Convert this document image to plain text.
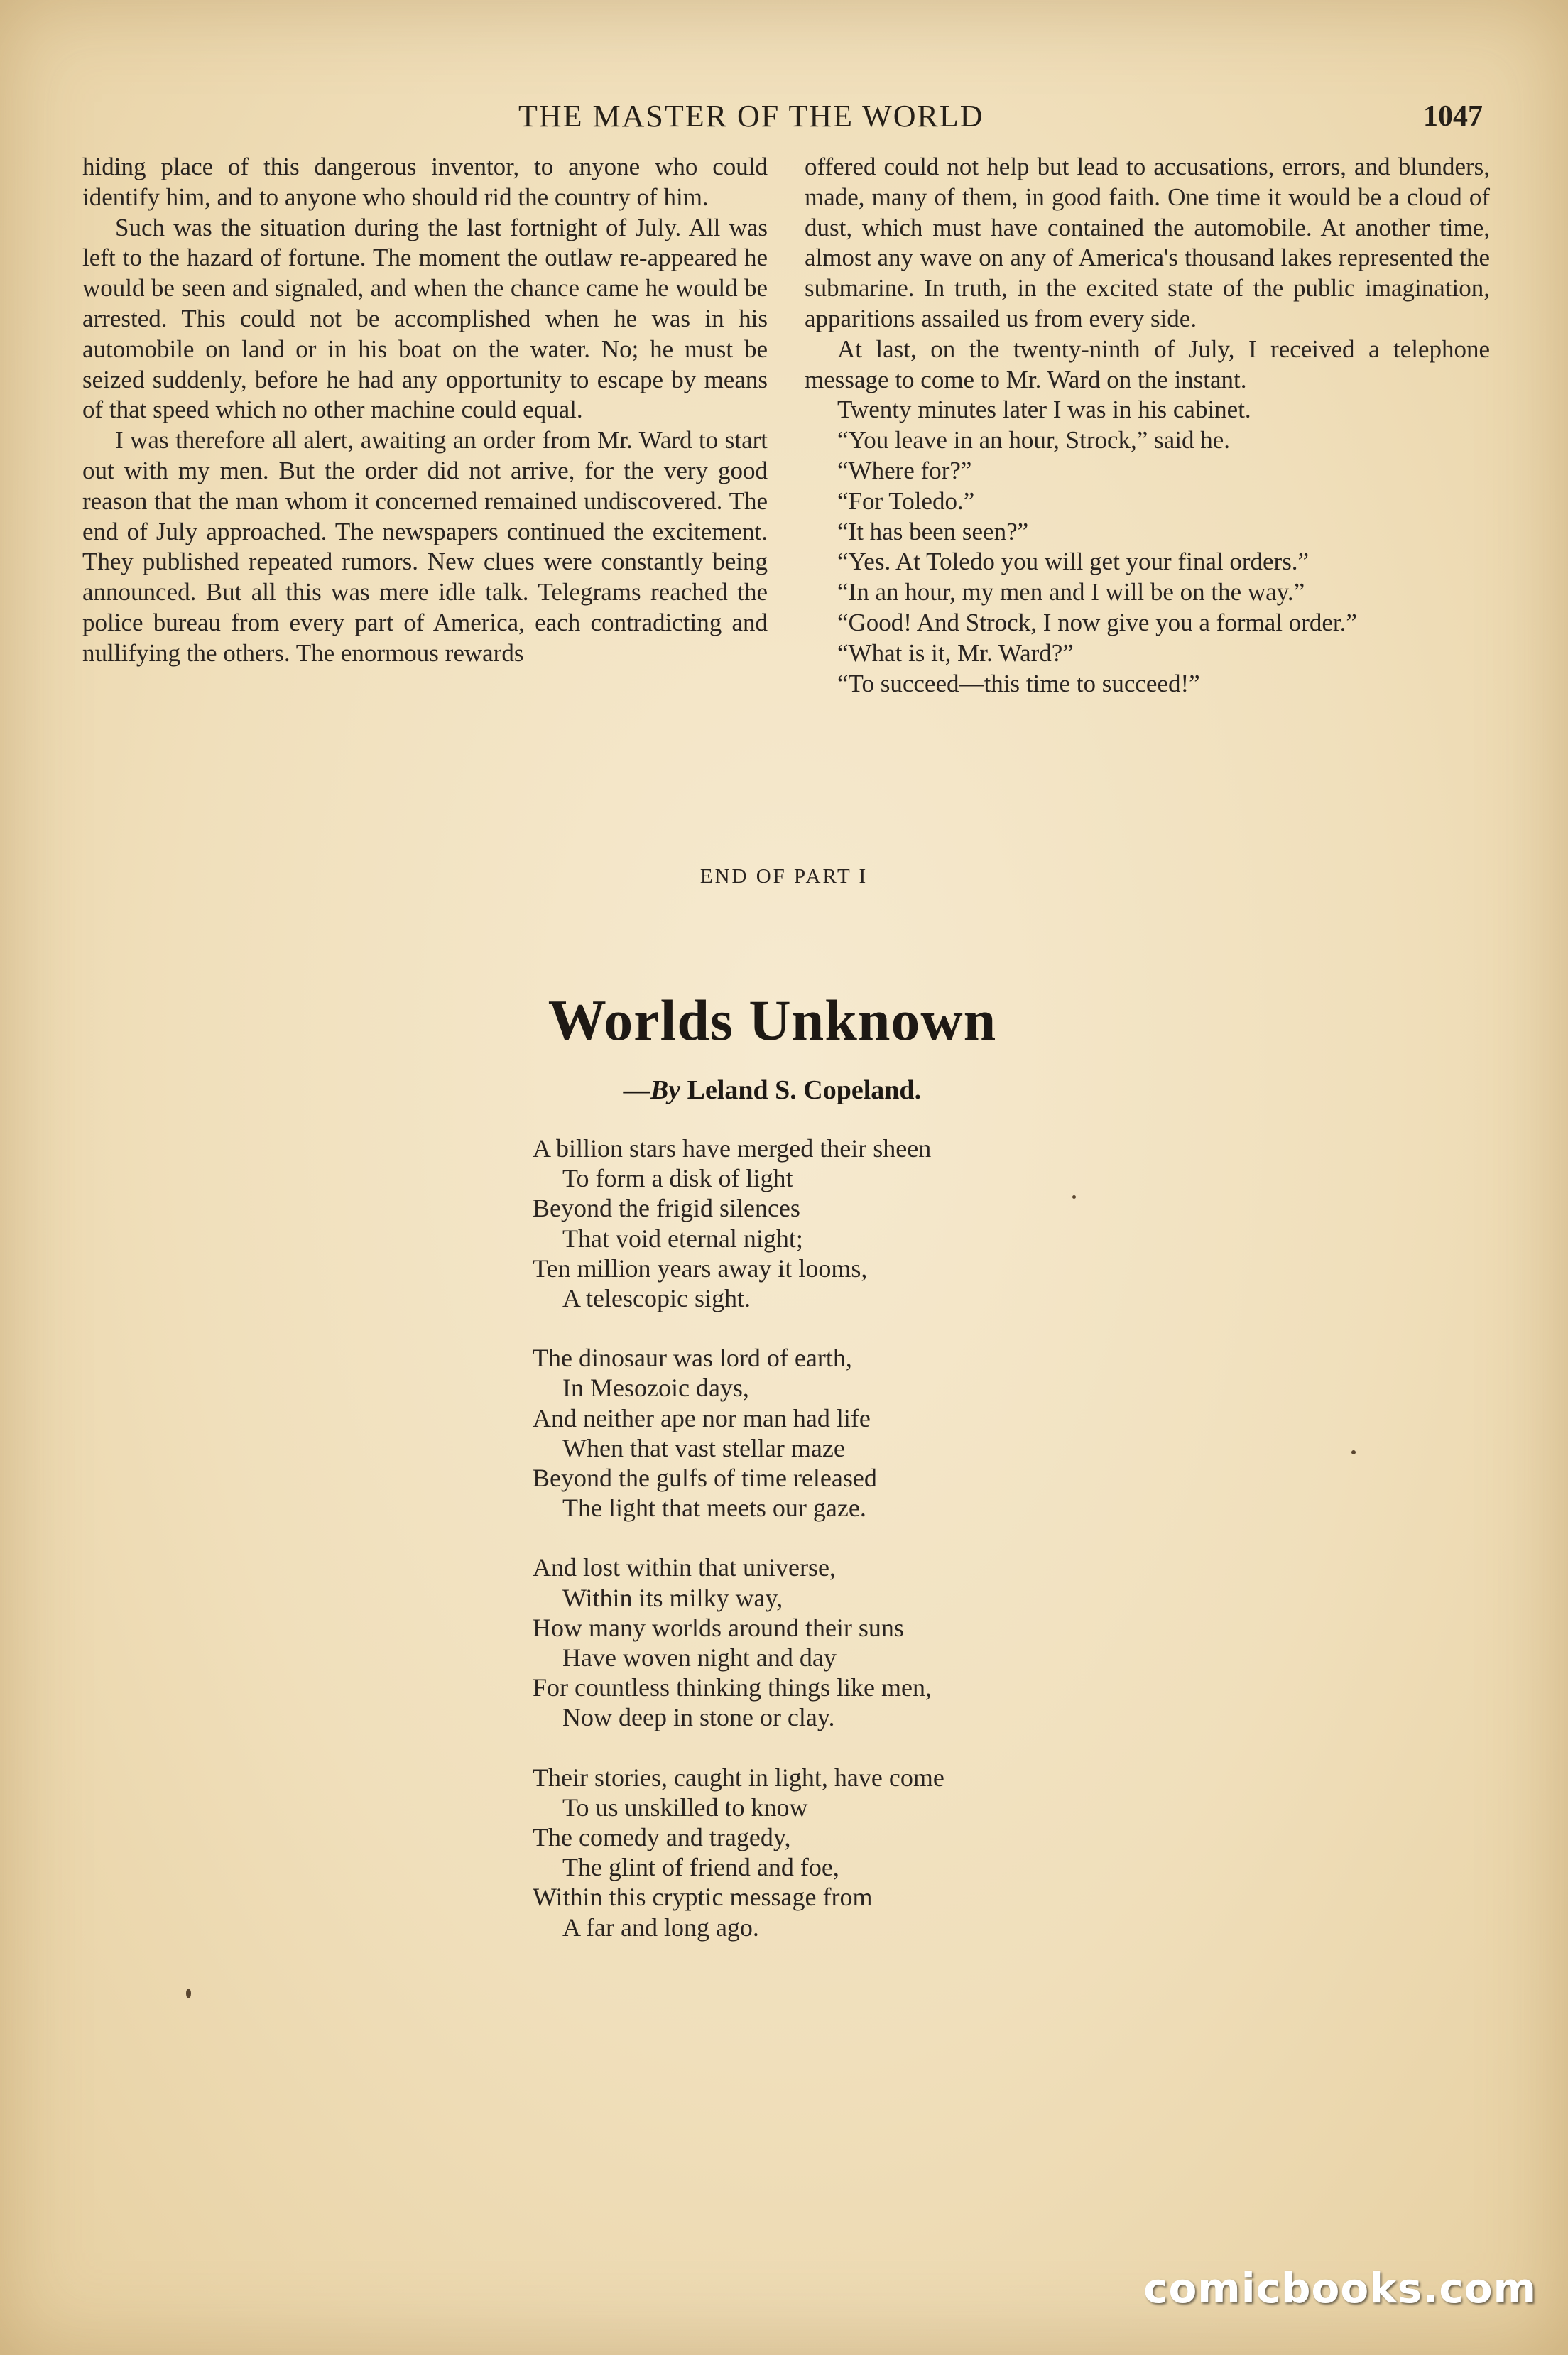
THE MASTER OF THE WORLD	1047

hiding place of this dangerous inventor, to anyone who could identify him, and to anyone who should rid the country of him.

Such was the situation during the last fortnight of July. All was left to the hazard of fortune. The moment the outlaw re-appeared he would be seen and signaled, and when the chance came he would be arrested. This could not be accomplished when he was in his automobile on land or in his boat on the water. No; he must be seized suddenly, before he had any opportunity to escape by means of that speed which no other machine could equal.

I was therefore all alert, awaiting an order from Mr. Ward to start out with my men. But the order did not arrive, for the very good reason that the man whom it concerned remained undiscovered. The end of July approached. The newspapers continued the excitement. They published repeated rumors. New clues were constantly being announced. But all this was mere idle talk. Telegrams reached the police bureau from every part of America, each contradicting and nullifying the others. The enormous rewards

offered could not help but lead to accusations, errors, and blunders, made, many of them, in good faith. One time it would be a cloud of dust, which must have contained the automobile. At another time, almost any wave on any of America's thousand lakes represented the submarine. In truth, in the excited state of the public imagination, apparitions assailed us from every side.

At last, on the twenty-ninth of July, I received a telephone message to come to Mr. Ward on the instant.

Twenty minutes later I was in his cabinet.

“You leave in an hour, Strock,” said he.

“Where for?”

“For Toledo.”

“It has been seen?”

“Yes. At Toledo you will get your final orders.”

“In an hour, my men and I will be on the way.”

“Good! And Strock, I now give you a formal order.”

“What is it, Mr. Ward?”

“To succeed—this time to succeed!”

END OF PART I
Worlds Unknown
—By Leland S. Copeland.
A billion stars have merged their sheen
To form a disk of light
Beyond the frigid silences
That void eternal night;
Ten million years away it looms,
A telescopic sight.
The dinosaur was lord of earth,
In Mesozoic days,
And neither ape nor man had life
When that vast stellar maze
Beyond the gulfs of time released
The light that meets our gaze.
And lost within that universe,
Within its milky way,
How many worlds around their suns
Have woven night and day
For countless thinking things like men,
Now deep in stone or clay.
Their stories, caught in light, have come
To us unskilled to know
The comedy and tragedy,
The glint of friend and foe,
Within this cryptic message from
A far and long ago.
comicbooks.com
